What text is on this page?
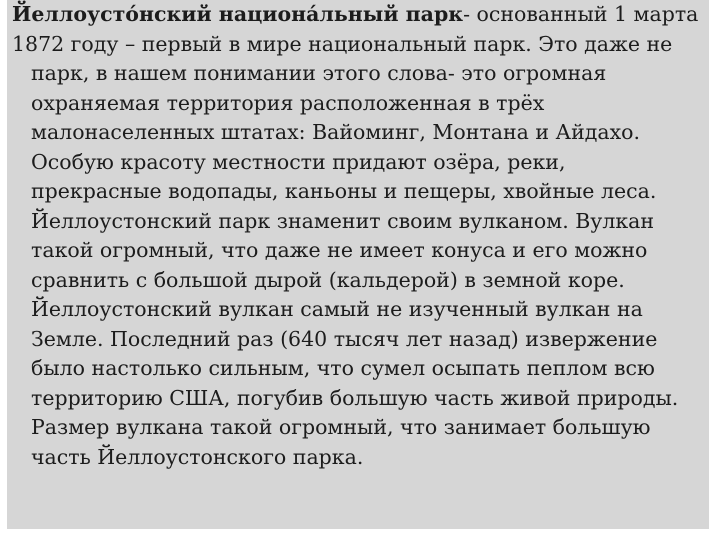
Йеллоусто́нский национа́льный парк- основанный 1 марта
1872 году – первый в мире национальный парк. Это даже не
парк, в нашем понимании этого слова- это огромная
охраняемая территория расположенная в трёх
малонаселенных штатах: Вайоминг, Монтана и Айдахо.
Особую красоту местности придают озёра, реки,
прекрасные водопады, каньоны и пещеры, хвойные леса.
Йеллоустонский парк знаменит своим вулканом. Вулкан
такой огромный, что даже не имеет конуса и его можно
сравнить с большой дырой (кальдерой) в земной коре.
Йеллоустонский вулкан самый не изученный вулкан на
Земле. Последний раз (640 тысяч лет назад) извержение
было настолько сильным, что сумел осыпать пеплом всю
территорию США, погубив большую часть живой природы.
Размер вулкана такой огромный, что занимает большую
часть Йеллоустонского парка.
